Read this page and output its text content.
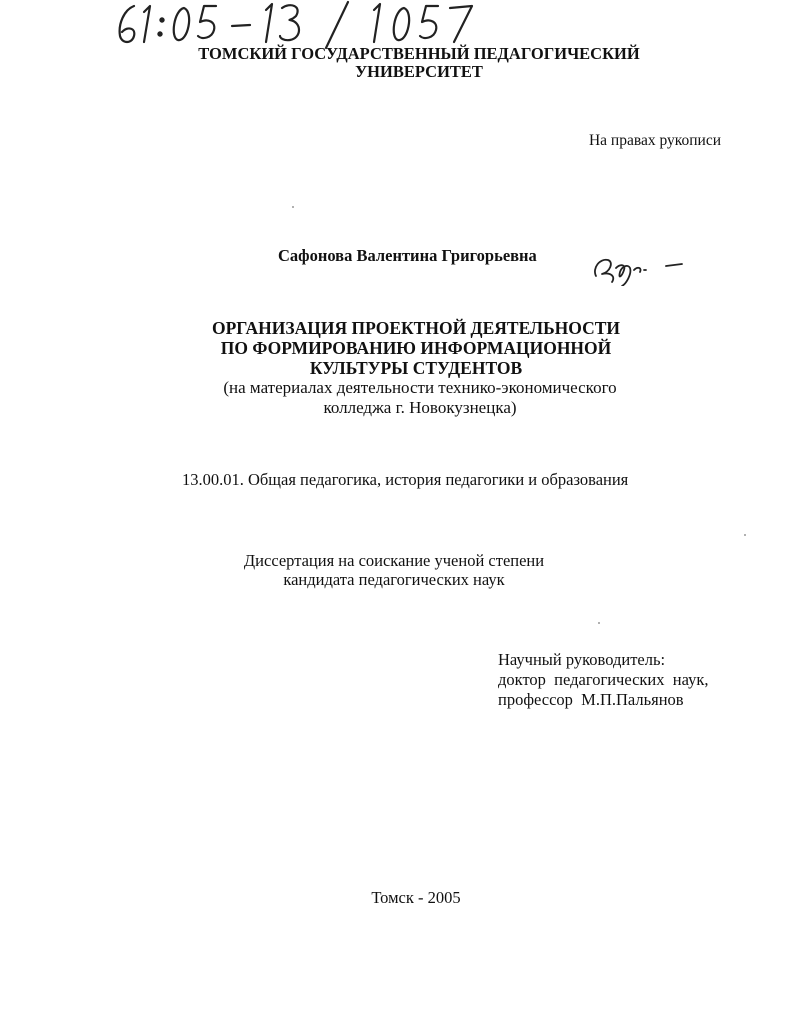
ТОМСКИЙ ГОСУДАРСТВЕННЫЙ ПЕДАГОГИЧЕСКИЙ
УНИВЕРСИТЕТ
На правах рукописи
Сафонова Валентина Григорьевна
ОРГАНИЗАЦИЯ ПРОЕКТНОЙ ДЕЯТЕЛЬНОСТИ
ПО ФОРМИРОВАНИЮ ИНФОРМАЦИОННОЙ
КУЛЬТУРЫ СТУДЕНТОВ
(на материалах деятельности технико-экономического
колледжа г. Новокузнецка)
13.00.01. Общая педагогика, история педагогики и образования
Диссертация на соискание ученой степени
кандидата педагогических наук
Научный руководитель:
доктор  педагогических  наук,
профессор  М.П.Пальянов
Томск - 2005
